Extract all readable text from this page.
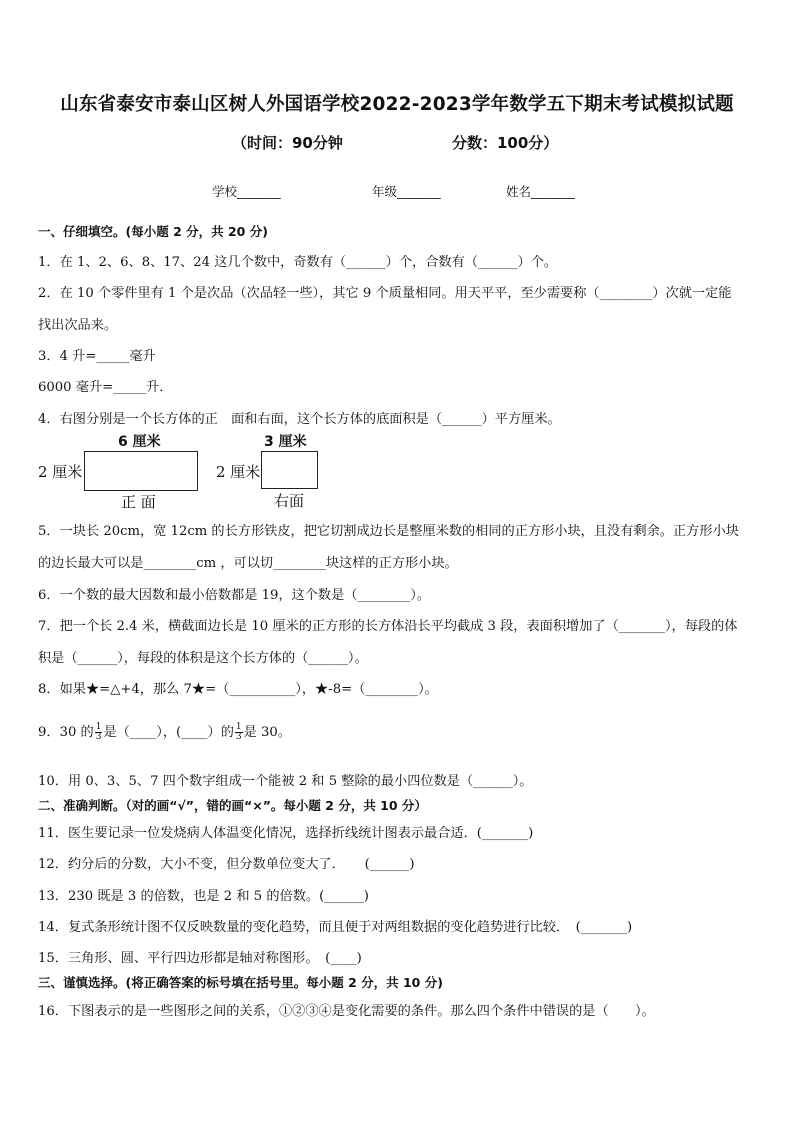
山东省泰安市泰山区树人外国语学校2022-2023学年数学五下期末考试模拟试题
（时间：90分钟	分数：100分）
学校_______	年级_______	姓名_______
一、仔细填空。(每小题 2 分，共 20 分)
1．在 1、2、6、8、17、24 这几个数中，奇数有（______）个，合数有（______）个。
2．在 10 个零件里有 1 个是次品（次品轻一些），其它 9 个质量相同。用天平平，至少需要称（________）次就一定能
找出次品来。
3．4 升=_____毫升
6000 毫升=_____升．
4．右图分别是一个长方体的正　面和右面，这个长方体的底面积是（______）平方厘米。
6 厘米
2 厘米
正 面
3 厘米
2 厘米
右面
5．一块长 20cm，宽 12cm 的长方形铁皮，把它切割成边长是整厘米数的相同的正方形小块，且没有剩余。正方形小块
的边长最大可以是________cm ，可以切________块这样的正方形小块。
6．一个数的最大因数和最小倍数都是 19，这个数是（________）。
7．把一个长 2.4 米，横截面边长是 10 厘米的正方形的长方体沿长平均截成 3 段，表面积增加了（_______），每段的体
积是（______），每段的体积是这个长方体的（______）。
8．如果★=△+4，那么 7★=（__________），★-8=（________）。
9．30 的 $\frac{1}{3}$ 是（____），(____）的 $\frac{1}{3}$ 是 30。
10．用 0、3、5、7 四个数字组成一个能被 2 和 5 整除的最小四位数是（______）。
二、准确判断。（对的画“√”，错的画“×”。每小题 2 分，共 10 分）
11．医生要记录一位发烧病人体温变化情况，选择折线统计图表示最合适．(_______)
12．约分后的分数，大小不变，但分数单位变大了．　　(______)
13．230 既是 3 的倍数，也是 2 和 5 的倍数。(______)
14．复式条形统计图不仅反映数量的变化趋势，而且便于对两组数据的变化趋势进行比较．　(_______)
15．三角形、圆、平行四边形都是轴对称图形。　(____)
三、谨慎选择。(将正确答案的标号填在括号里。每小题 2 分，共 10 分)
16．下图表示的是一些图形之间的关系，①②③④是变化需要的条件。那么四个条件中错误的是（　　）。
